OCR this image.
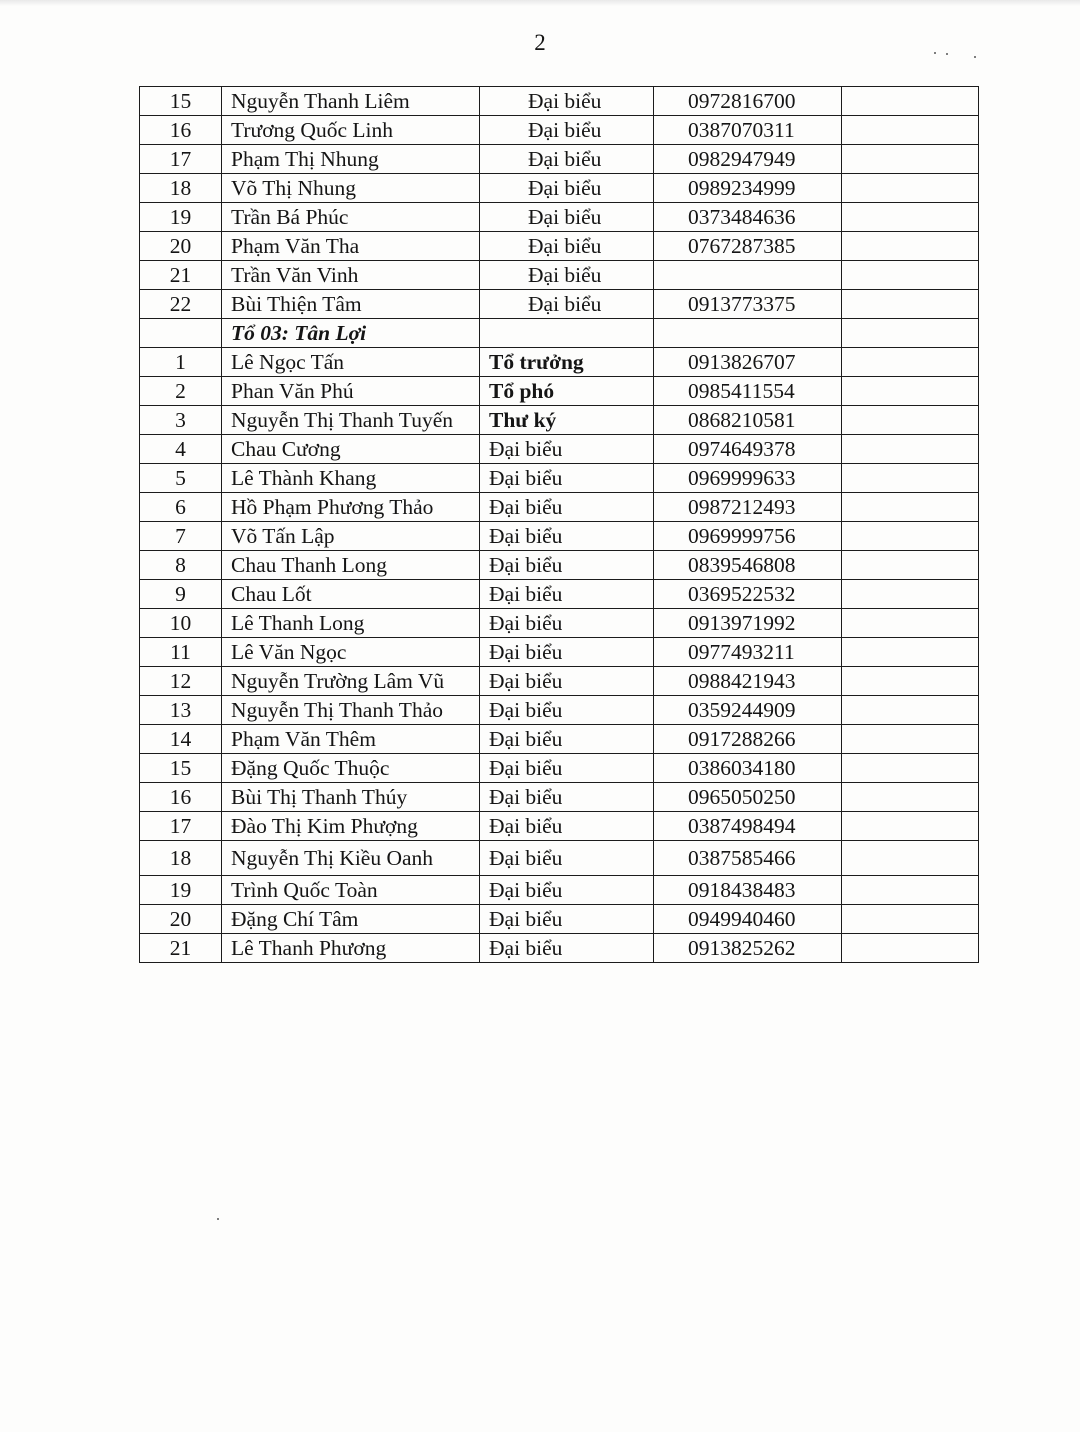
2
15	Nguyễn Thanh Liêm	Đại biểu	0972816700	
16	Trương Quốc Linh	Đại biểu	0387070311	
17	Phạm Thị Nhung	Đại biểu	0982947949	
18	Võ Thị Nhung	Đại biểu	0989234999	
19	Trần Bá Phúc	Đại biểu	0373484636	
20	Phạm Văn Tha	Đại biểu	0767287385	
21	Trần Văn Vinh	Đại biểu		
22	Bùi Thiện Tâm	Đại biểu	0913773375	
	Tổ 03: Tân Lợi			
1	Lê Ngọc Tấn	Tổ trưởng	0913826707	
2	Phan Văn Phú	Tổ phó	0985411554	
3	Nguyễn Thị Thanh Tuyến	Thư ký	0868210581	
4	Chau Cương	Đại biểu	0974649378	
5	Lê Thành Khang	Đại biểu	0969999633	
6	Hồ Phạm Phương Thảo	Đại biểu	0987212493	
7	Võ Tấn Lập	Đại biểu	0969999756	
8	Chau Thanh Long	Đại biểu	0839546808	
9	Chau Lốt	Đại biểu	0369522532	
10	Lê Thanh Long	Đại biểu	0913971992	
11	Lê Văn Ngọc	Đại biểu	0977493211	
12	Nguyễn Trường Lâm Vũ	Đại biểu	0988421943	
13	Nguyễn Thị Thanh Thảo	Đại biểu	0359244909	
14	Phạm Văn Thêm	Đại biểu	0917288266	
15	Đặng Quốc Thuộc	Đại biểu	0386034180	
16	Bùi Thị Thanh Thúy	Đại biểu	0965050250	
17	Đào Thị Kim Phượng	Đại biểu	0387498494	
18	Nguyễn Thị Kiều Oanh	Đại biểu	0387585466	
19	Trình Quốc Toàn	Đại biểu	0918438483	
20	Đặng Chí Tâm	Đại biểu	0949940460	
21	Lê Thanh Phương	Đại biểu	0913825262	
